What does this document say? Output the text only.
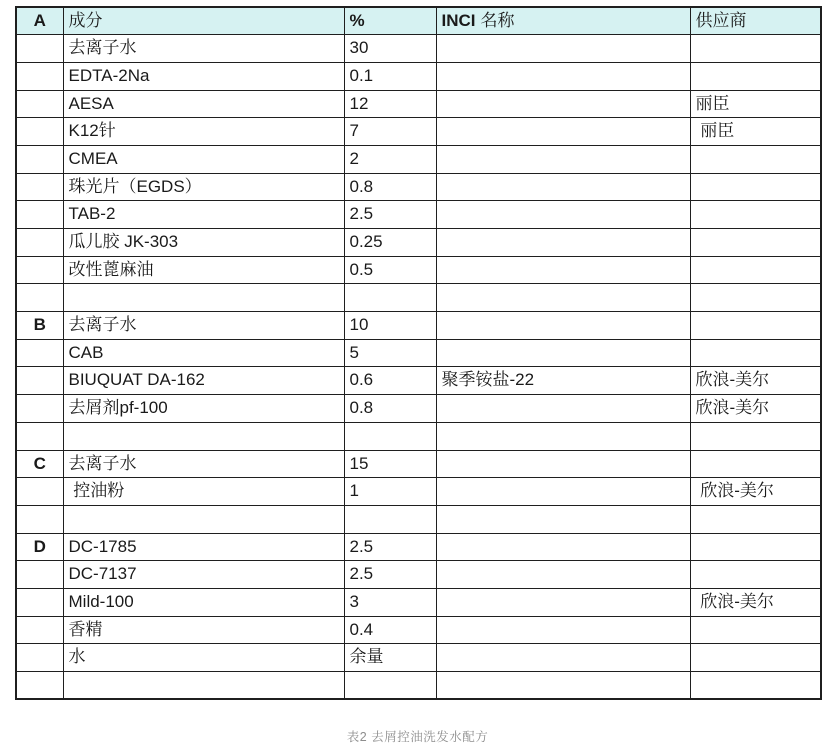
A	成分	%	INCI 名称	供应商
	去离子水	30		
	EDTA-2Na	0.1		
	AESA	12		丽臣
	K12针	7		丽臣
	CMEA	2		
	珠光片（EGDS）	0.8		
	TAB-2	2.5		
	瓜儿胶 JK-303	0.25		
	改性蓖麻油	0.5		

B	去离子水	10		
	CAB	5		
	BIUQUAT DA-162	0.6	聚季铵盐-22	欣浪-美尔
	去屑剂pf-100	0.8		欣浪-美尔

C	去离子水	15		
	控油粉	1		欣浪-美尔

D	DC-1785	2.5		
	DC-7137	2.5		
	Mild-100	3		欣浪-美尔
	香精	0.4		
	水	余量		

表2 去屑控油洗发水配方
